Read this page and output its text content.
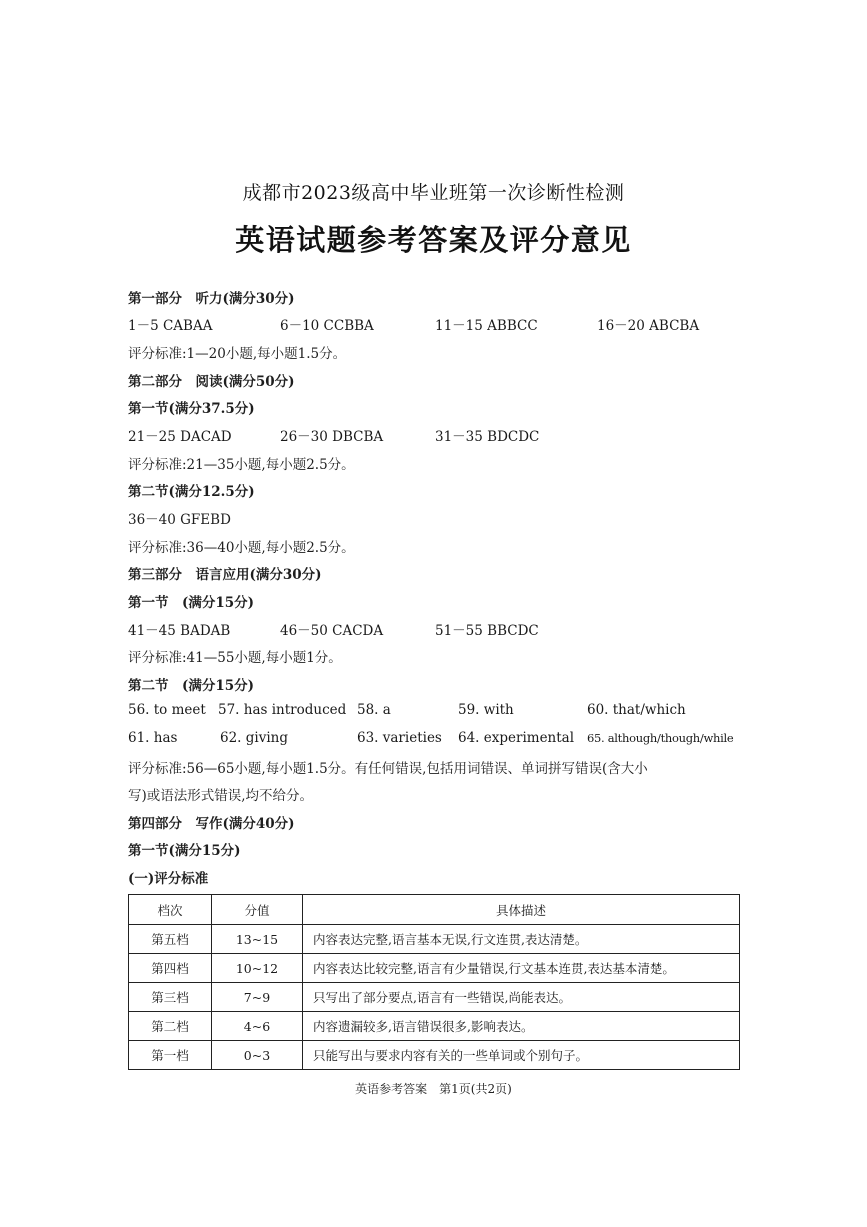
成都市2023级高中毕业班第一次诊断性检测
英语试题参考答案及评分意见
第一部分　听力(满分30分)
1－5 CABAA	6－10 CCBBA	11－15 ABBCC	16－20 ABCBA
评分标准:1—20小题,每小题1.5分。
第二部分　阅读(满分50分)
第一节(满分37.5分)
21－25 DACAD	26－30 DBCBA	31－35 BDCDC
评分标准:21—35小题,每小题2.5分。
第二节(满分12.5分)
36－40 GFEBD
评分标准:36—40小题,每小题2.5分。
第三部分　语言应用(满分30分)
第一节　(满分15分)
41－45 BADAB	46－50 CACDA	51－55 BBCDC
评分标准:41—55小题,每小题1分。
第二节　(满分15分)
56. to meet 57. has introduced 58. a	59. with	60. that/which
61. has	62. giving	63. varieties 64. experimental 65. although/though/while
评分标准:56—65小题,每小题1.5分。有任何错误,包括用词错误、单词拼写错误(含大小
写)或语法形式错误,均不给分。
第四部分　写作(满分40分)
第一节(满分15分)
(一)评分标准
档次	分值	具体描述
第五档	13~15	内容表达完整,语言基本无误,行文连贯,表达清楚。
第四档	10~12	内容表达比较完整,语言有少量错误,行文基本连贯,表达基本清楚。
第三档	7~9	只写出了部分要点,语言有一些错误,尚能表达。
第二档	4~6	内容遗漏较多,语言错误很多,影响表达。
第一档	0~3	只能写出与要求内容有关的一些单词或个别句子。
英语参考答案　第1页(共2页)
